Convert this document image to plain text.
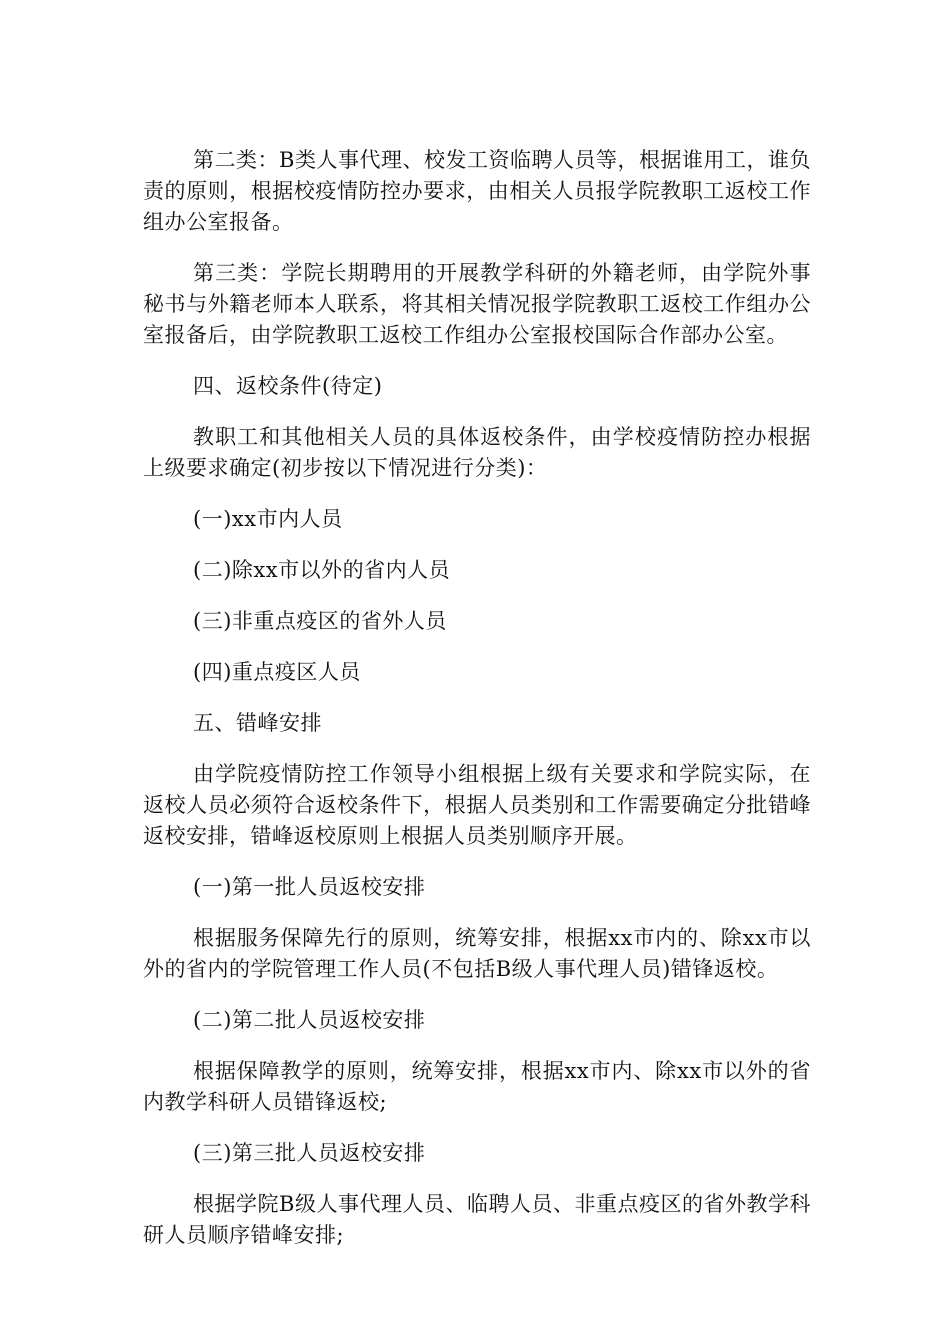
第二类：B类人事代理、校发工资临聘人员等，根据谁用工，谁负责的原则，根据校疫情防控办要求，由相关人员报学院教职工返校工作组办公室报备。

第三类：学院长期聘用的开展教学科研的外籍老师，由学院外事秘书与外籍老师本人联系，将其相关情况报学院教职工返校工作组办公室报备后，由学院教职工返校工作组办公室报校国际合作部办公室。

四、返校条件(待定)

教职工和其他相关人员的具体返校条件，由学校疫情防控办根据上级要求确定(初步按以下情况进行分类)：

(一)xx市内人员

(二)除xx市以外的省内人员

(三)非重点疫区的省外人员

(四)重点疫区人员

五、错峰安排

由学院疫情防控工作领导小组根据上级有关要求和学院实际，在返校人员必须符合返校条件下，根据人员类别和工作需要确定分批错峰返校安排，错峰返校原则上根据人员类别顺序开展。

(一)第一批人员返校安排

根据服务保障先行的原则，统筹安排，根据xx市内的、除xx市以外的省内的学院管理工作人员(不包括B级人事代理人员)错锋返校。

(二)第二批人员返校安排

根据保障教学的原则，统筹安排，根据xx市内、除xx市以外的省内教学科研人员错锋返校;

(三)第三批人员返校安排

根据学院B级人事代理人员、临聘人员、非重点疫区的省外教学科研人员顺序错峰安排;
